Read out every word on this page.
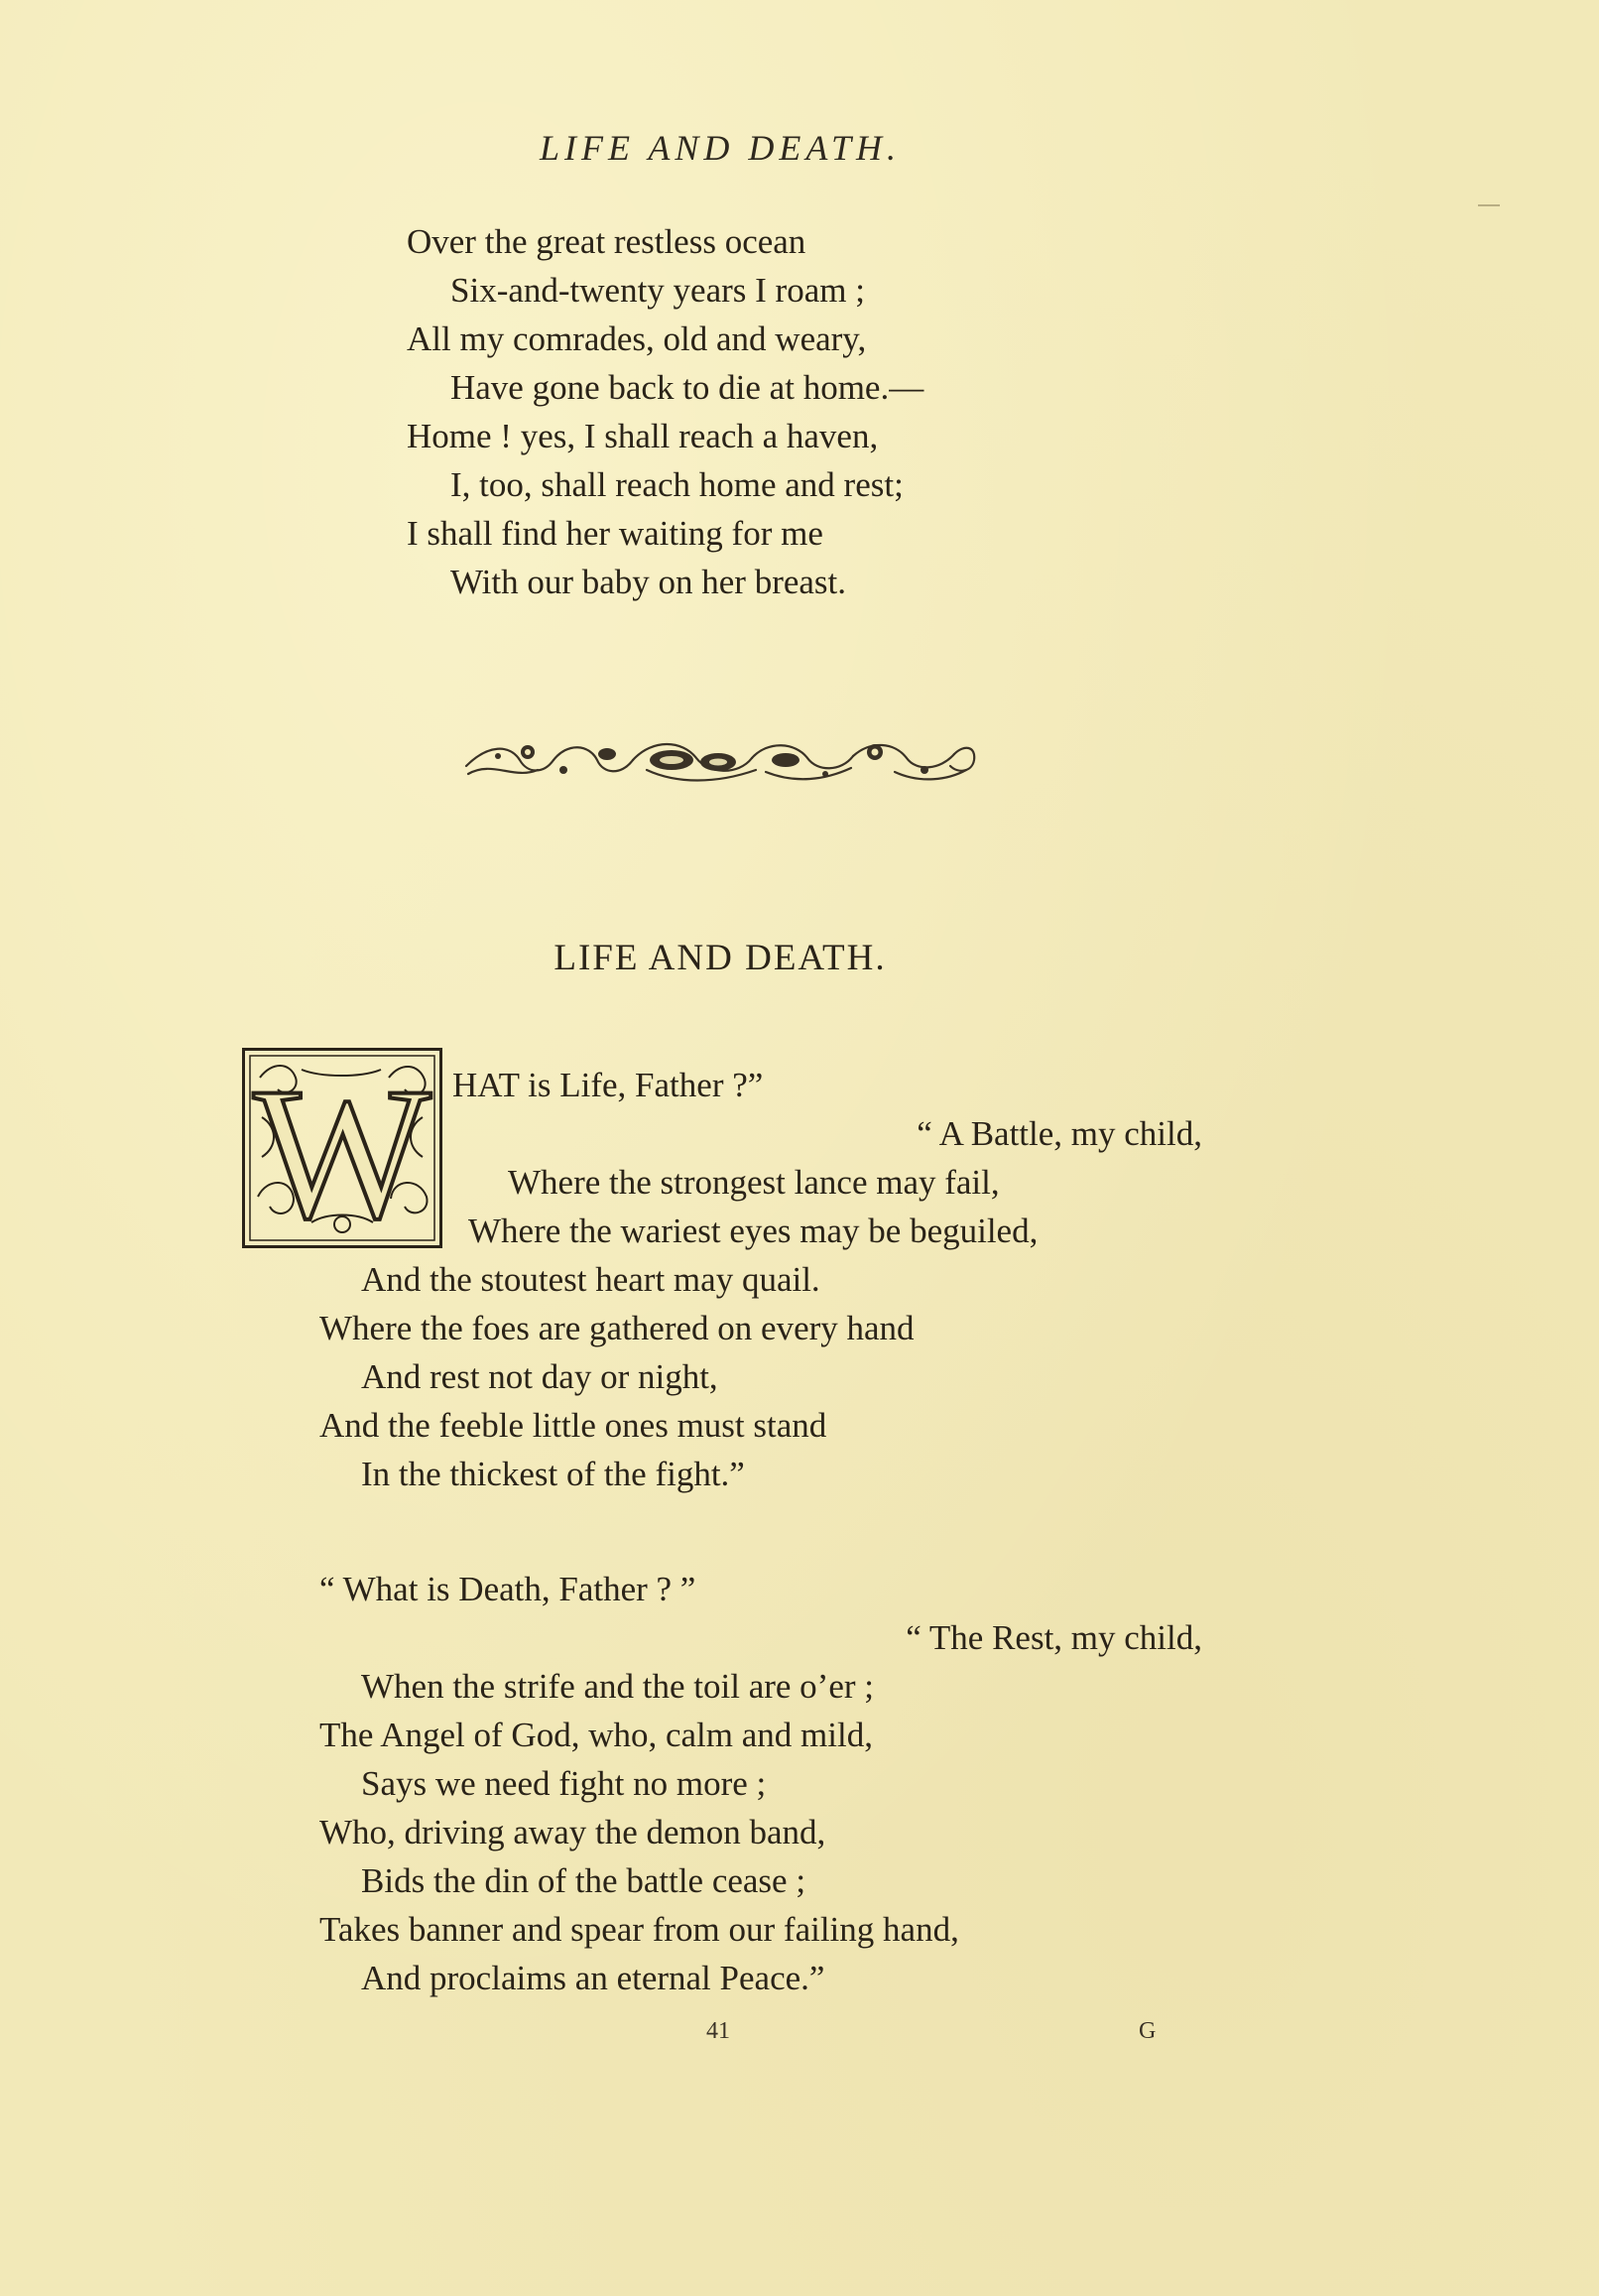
LIFE AND DEATH.
Over the great restless ocean
Six-and-twenty years I roam ;
All my comrades, old and weary,
Have gone back to die at home.—
Home ! yes, I shall reach a haven,
I, too, shall reach home and rest;
I shall find her waiting for me
With our baby on her breast.
LIFE AND DEATH.
W HAT is Life, Father ?”
“ A Battle, my child,
Where the strongest lance may fail,
Where the wariest eyes may be beguiled,
And the stoutest heart may quail.
Where the foes are gathered on every hand
And rest not day or night,
And the feeble little ones must stand
In the thickest of the fight.”
“ What is Death, Father ? ”
“ The Rest, my child,
When the strife and the toil are o’er ;
The Angel of God, who, calm and mild,
Says we need fight no more ;
Who, driving away the demon band,
Bids the din of the battle cease ;
Takes banner and spear from our failing hand,
And proclaims an eternal Peace.”
41	G
